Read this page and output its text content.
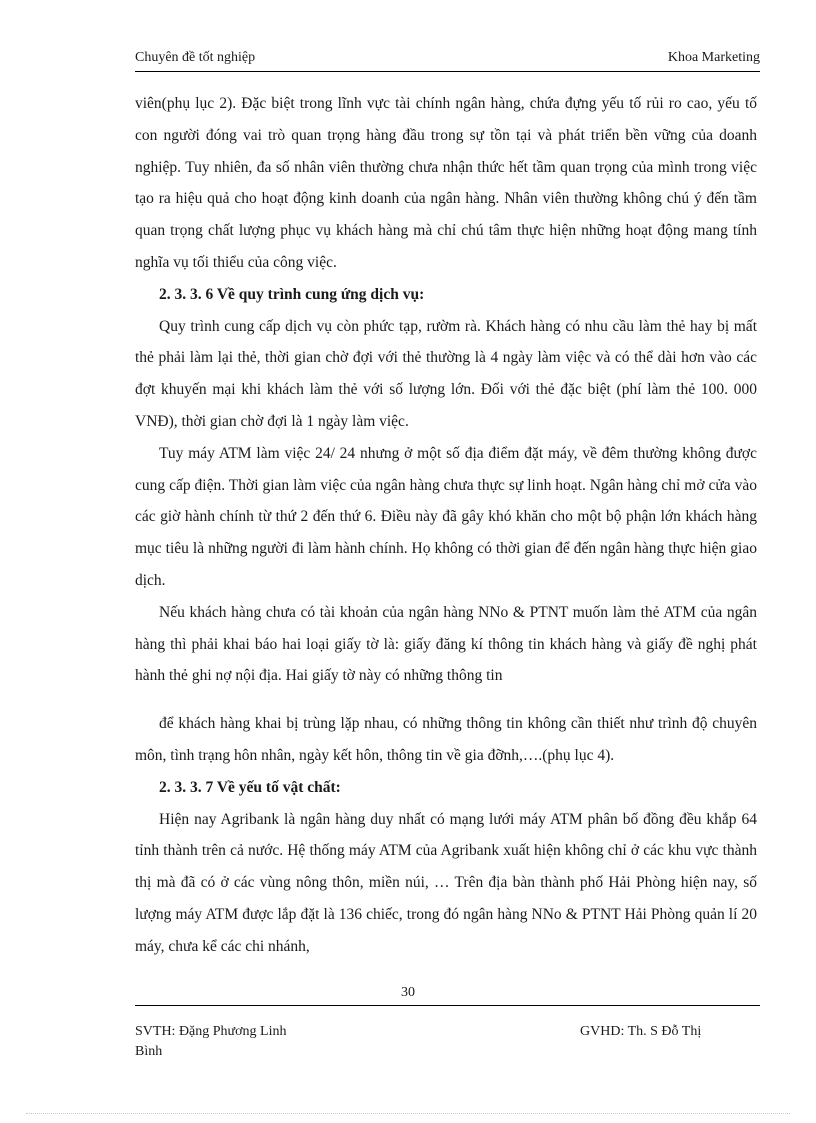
Chuyên đề tốt nghiệp	Khoa Marketing

viên(phụ lục 2). Đặc biệt trong lĩnh vực tài chính ngân hàng, chứa đựng yếu tố rủi ro cao, yếu tố con người đóng vai trò quan trọng hàng đầu trong sự tồn tại và phát triển bền vững của doanh nghiệp. Tuy nhiên, đa số nhân viên thường chưa nhận thức hết tầm quan trọng của mình trong việc tạo ra hiệu quả cho hoạt động kinh doanh của ngân hàng. Nhân viên thường không chú ý đến tầm quan trọng chất lượng phục vụ khách hàng mà chỉ chú tâm thực hiện những hoạt động mang tính nghĩa vụ tối thiểu của công việc.

2. 3. 3. 6 Về quy trình cung ứng dịch vụ:

Quy trình cung cấp dịch vụ còn phức tạp, rườm rà. Khách hàng có nhu cầu làm thẻ hay bị mất thẻ phải làm lại thẻ, thời gian chờ đợi với thẻ thường là 4 ngày làm việc và có thể dài hơn vào các đợt khuyến mại khi khách làm thẻ với số lượng lớn. Đối với thẻ đặc biệt (phí làm thẻ 100. 000 VNĐ), thời gian chờ đợi là 1 ngày làm việc.

Tuy máy ATM làm việc 24/ 24 nhưng ở một số địa điểm đặt máy, về đêm thường không được cung cấp điện. Thời gian làm việc của ngân hàng chưa thực sự linh hoạt. Ngân hàng chỉ mở cửa vào các giờ hành chính từ thứ 2 đến thứ 6. Điều này đã gây khó khăn cho một bộ phận lớn khách hàng mục tiêu là những người đi làm hành chính. Họ không có thời gian để đến ngân hàng thực hiện giao dịch.

Nếu khách hàng chưa có tài khoản của ngân hàng NNo & PTNT muốn làm thẻ ATM của ngân hàng thì phải khai báo hai loại giấy tờ là: giấy đăng kí thông tin khách hàng và giấy đề nghị phát hành thẻ ghi nợ nội địa. Hai giấy tờ này có những thông tin

để khách hàng khai bị trùng lặp nhau, có những thông tin không cần thiết như trình độ chuyên môn, tình trạng hôn nhân, ngày kết hôn, thông tin về gia đỡnh,….(phụ lục 4).

2. 3. 3. 7 Về yếu tố vật chất:

Hiện nay Agribank là ngân hàng duy nhất có mạng lưới máy ATM phân bố đồng đều khắp 64 tỉnh thành trên cả nước. Hệ thống máy ATM của Agribank xuất hiện không chỉ ở các khu vực thành thị mà đã có ở các vùng nông thôn, miền núi, … Trên địa bàn thành phố Hải Phòng hiện nay, số lượng máy ATM được lắp đặt là 136 chiếc, trong đó ngân hàng NNo & PTNT Hải Phòng quản lí 20 máy, chưa kể các chi nhánh,

30
SVTH: Đặng Phương Linh
Bình
GVHD: Th. S Đỗ Thị
